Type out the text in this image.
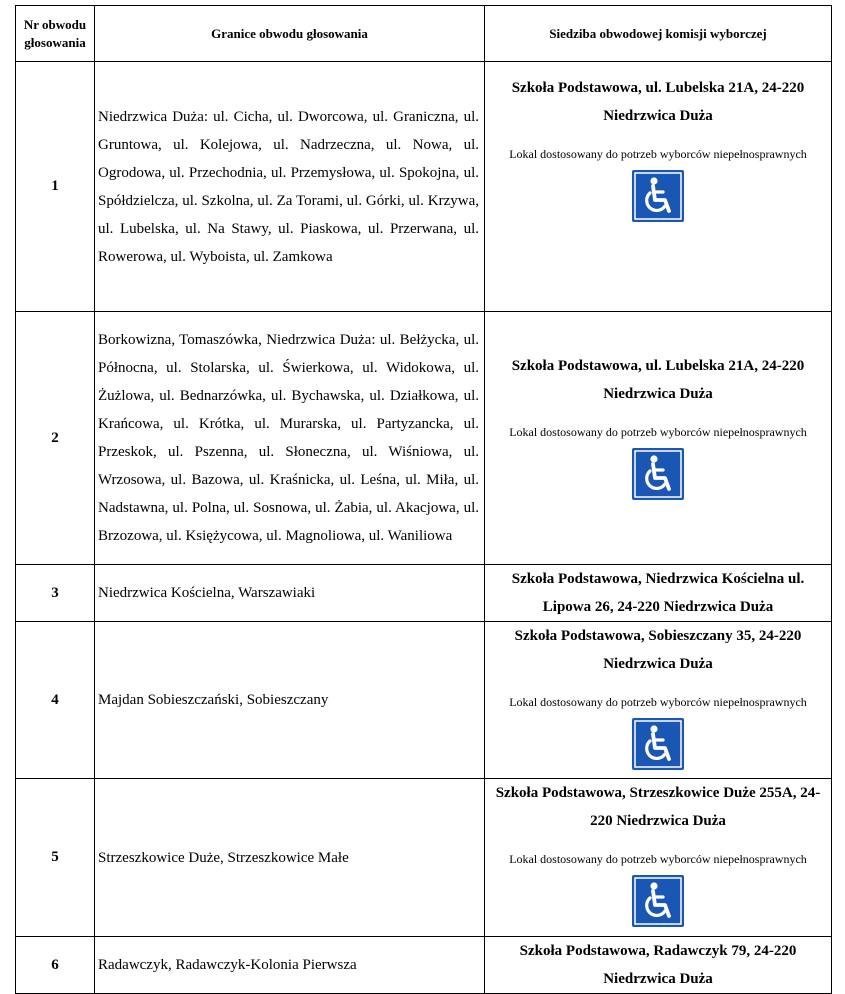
Nr obwodu głosowania	Granice obwodu głosowania	Siedziba obwodowej komisji wyborczej
1	Niedrzwica Duża: ul. Cicha, ul. Dworcowa, ul. Graniczna, ul. Gruntowa, ul. Kolejowa, ul. Nadrzeczna, ul. Nowa, ul. Ogrodowa, ul. Przechodnia, ul. Przemysłowa, ul. Spokojna, ul. Spółdzielcza, ul. Szkolna, ul. Za Torami, ul. Górki, ul. Krzywa, ul. Lubelska, ul. Na Stawy, ul. Piaskowa, ul. Przerwana, ul. Rowerowa, ul. Wyboista, ul. Zamkowa	Szkoła Podstawowa, ul. Lubelska 21A, 24-220 Niedrzwica Duża
Lokal dostosowany do potrzeb wyborców niepełnosprawnych

2	Borkowizna, Tomaszówka, Niedrzwica Duża: ul. Bełżycka, ul. Północna, ul. Stolarska, ul. Świerkowa, ul. Widokowa, ul. Żużlowa, ul. Bednarzówka, ul. Bychawska, ul. Działkowa, ul. Krańcowa, ul. Krótka, ul. Murarska, ul. Partyzancka, ul. Przeskok, ul. Pszenna, ul. Słoneczna, ul. Wiśniowa, ul. Wrzosowa, ul. Bazowa, ul. Kraśnicka, ul. Leśna, ul. Miła, ul. Nadstawna, ul. Polna, ul. Sosnowa, ul. Żabia, ul. Akacjowa, ul. Brzozowa, ul. Księżycowa, ul. Magnoliowa, ul. Waniliowa	Szkoła Podstawowa, ul. Lubelska 21A, 24-220 Niedrzwica Duża
Lokal dostosowany do potrzeb wyborców niepełnosprawnych

3	Niedrzwica Kościelna, Warszawiaki	Szkoła Podstawowa, Niedrzwica Kościelna ul. Lipowa 26, 24-220 Niedrzwica Duża

4	Majdan Sobieszczański, Sobieszczany	Szkoła Podstawowa, Sobieszczany 35, 24-220 Niedrzwica Duża
Lokal dostosowany do potrzeb wyborców niepełnosprawnych

5	Strzeszkowice Duże, Strzeszkowice Małe	Szkoła Podstawowa, Strzeszkowice Duże 255A, 24-220 Niedrzwica Duża
Lokal dostosowany do potrzeb wyborców niepełnosprawnych

6	Radawczyk, Radawczyk-Kolonia Pierwsza	Szkoła Podstawowa, Radawczyk 79, 24-220 Niedrzwica Duża
